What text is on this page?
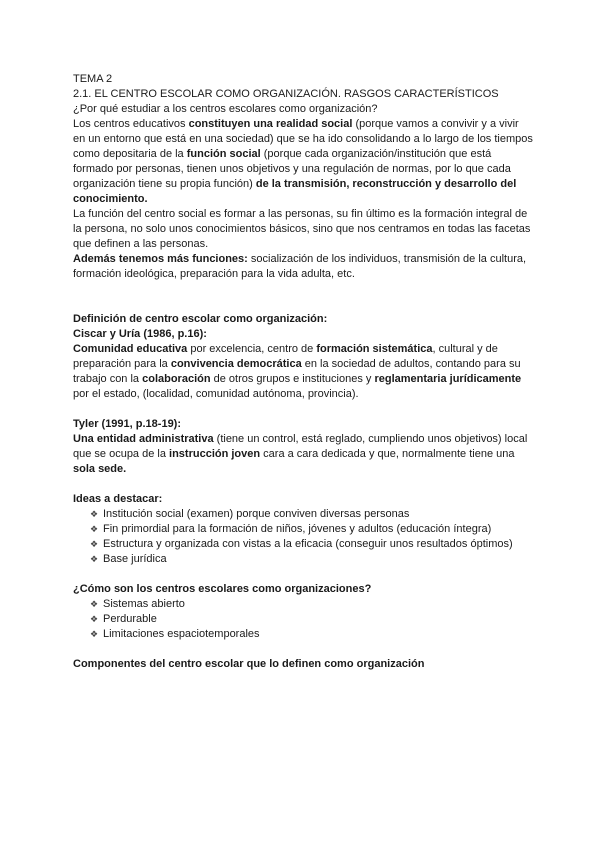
TEMA 2

2.1. EL CENTRO ESCOLAR COMO ORGANIZACIÓN. RASGOS CARACTERÍSTICOS

¿Por qué estudiar a los centros escolares como organización?

Los centros educativos constituyen una realidad social (porque vamos a convivir y a vivir en un entorno que está en una sociedad) que se ha ido consolidando a lo largo de los tiempos como depositaria de la función social (porque cada organización/institución que está formado por personas, tienen unos objetivos y una regulación de normas, por lo que cada organización tiene su propia función) de la transmisión, reconstrucción y desarrollo del conocimiento.

La función del centro social es formar a las personas, su fin último es la formación integral de la persona, no solo unos conocimientos básicos, sino que nos centramos en todas las facetas que definen a las personas.

Además tenemos más funciones: socialización de los individuos, transmisión de la cultura, formación ideológica, preparación para la vida adulta, etc.

Definición de centro escolar como organización:

Ciscar y Uría (1986, p.16):

Comunidad educativa por excelencia, centro de formación sistemática, cultural y de preparación para la convivencia democrática en la sociedad de adultos, contando para su trabajo con la colaboración de otros grupos e instituciones y reglamentaria jurídicamente por el estado, (localidad, comunidad autónoma, provincia).

Tyler (1991, p.18-19):

Una entidad administrativa (tiene un control, está reglado, cumpliendo unos objetivos) local que se ocupa de la instrucción joven cara a cara dedicada y que, normalmente tiene una sola sede.

Ideas a destacar:

❖ Institución social (examen) porque conviven diversas personas
❖ Fin primordial para la formación de niños, jóvenes y adultos (educación íntegra)
❖ Estructura y organizada con vistas a la eficacia (conseguir unos resultados óptimos)
❖ Base jurídica

¿Cómo son los centros escolares como organizaciones?

❖ Sistemas abierto
❖ Perdurable
❖ Limitaciones espaciotemporales

Componentes del centro escolar que lo definen como organización
